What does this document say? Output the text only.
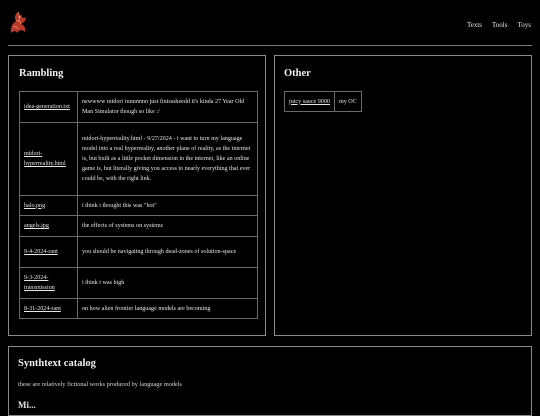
Texts Tools Toys
Rambling
idea-generation.txt	newwww midori runnnnnn just finisssheedd it's kinda 27 Year Old Man Simulator though so like :/
midori-hyperreality.html	midori-hyperreality.html - 9/27/2024 - i want to turn my language model into a real hyperreality, another plane of reality, as the internet is, but built as a little pocket dimension in the internet, like an online game is, but literally giving you access to nearly everything that ever could be, with the right link.
halo.png	i think i thought this was "hot"
angels.jpg	the effects of systems on systems
9-4-2024-rant	you should be navigating through dead-zones of solution-space
9-3-2024-transmission	i think i was high
8-31-2024-rant	on how alien frontier language models are becoming
Other
juicy sauce 9000	my OC
Synthtext catalog
these are relatively fictional works produced by language models
Mi...
